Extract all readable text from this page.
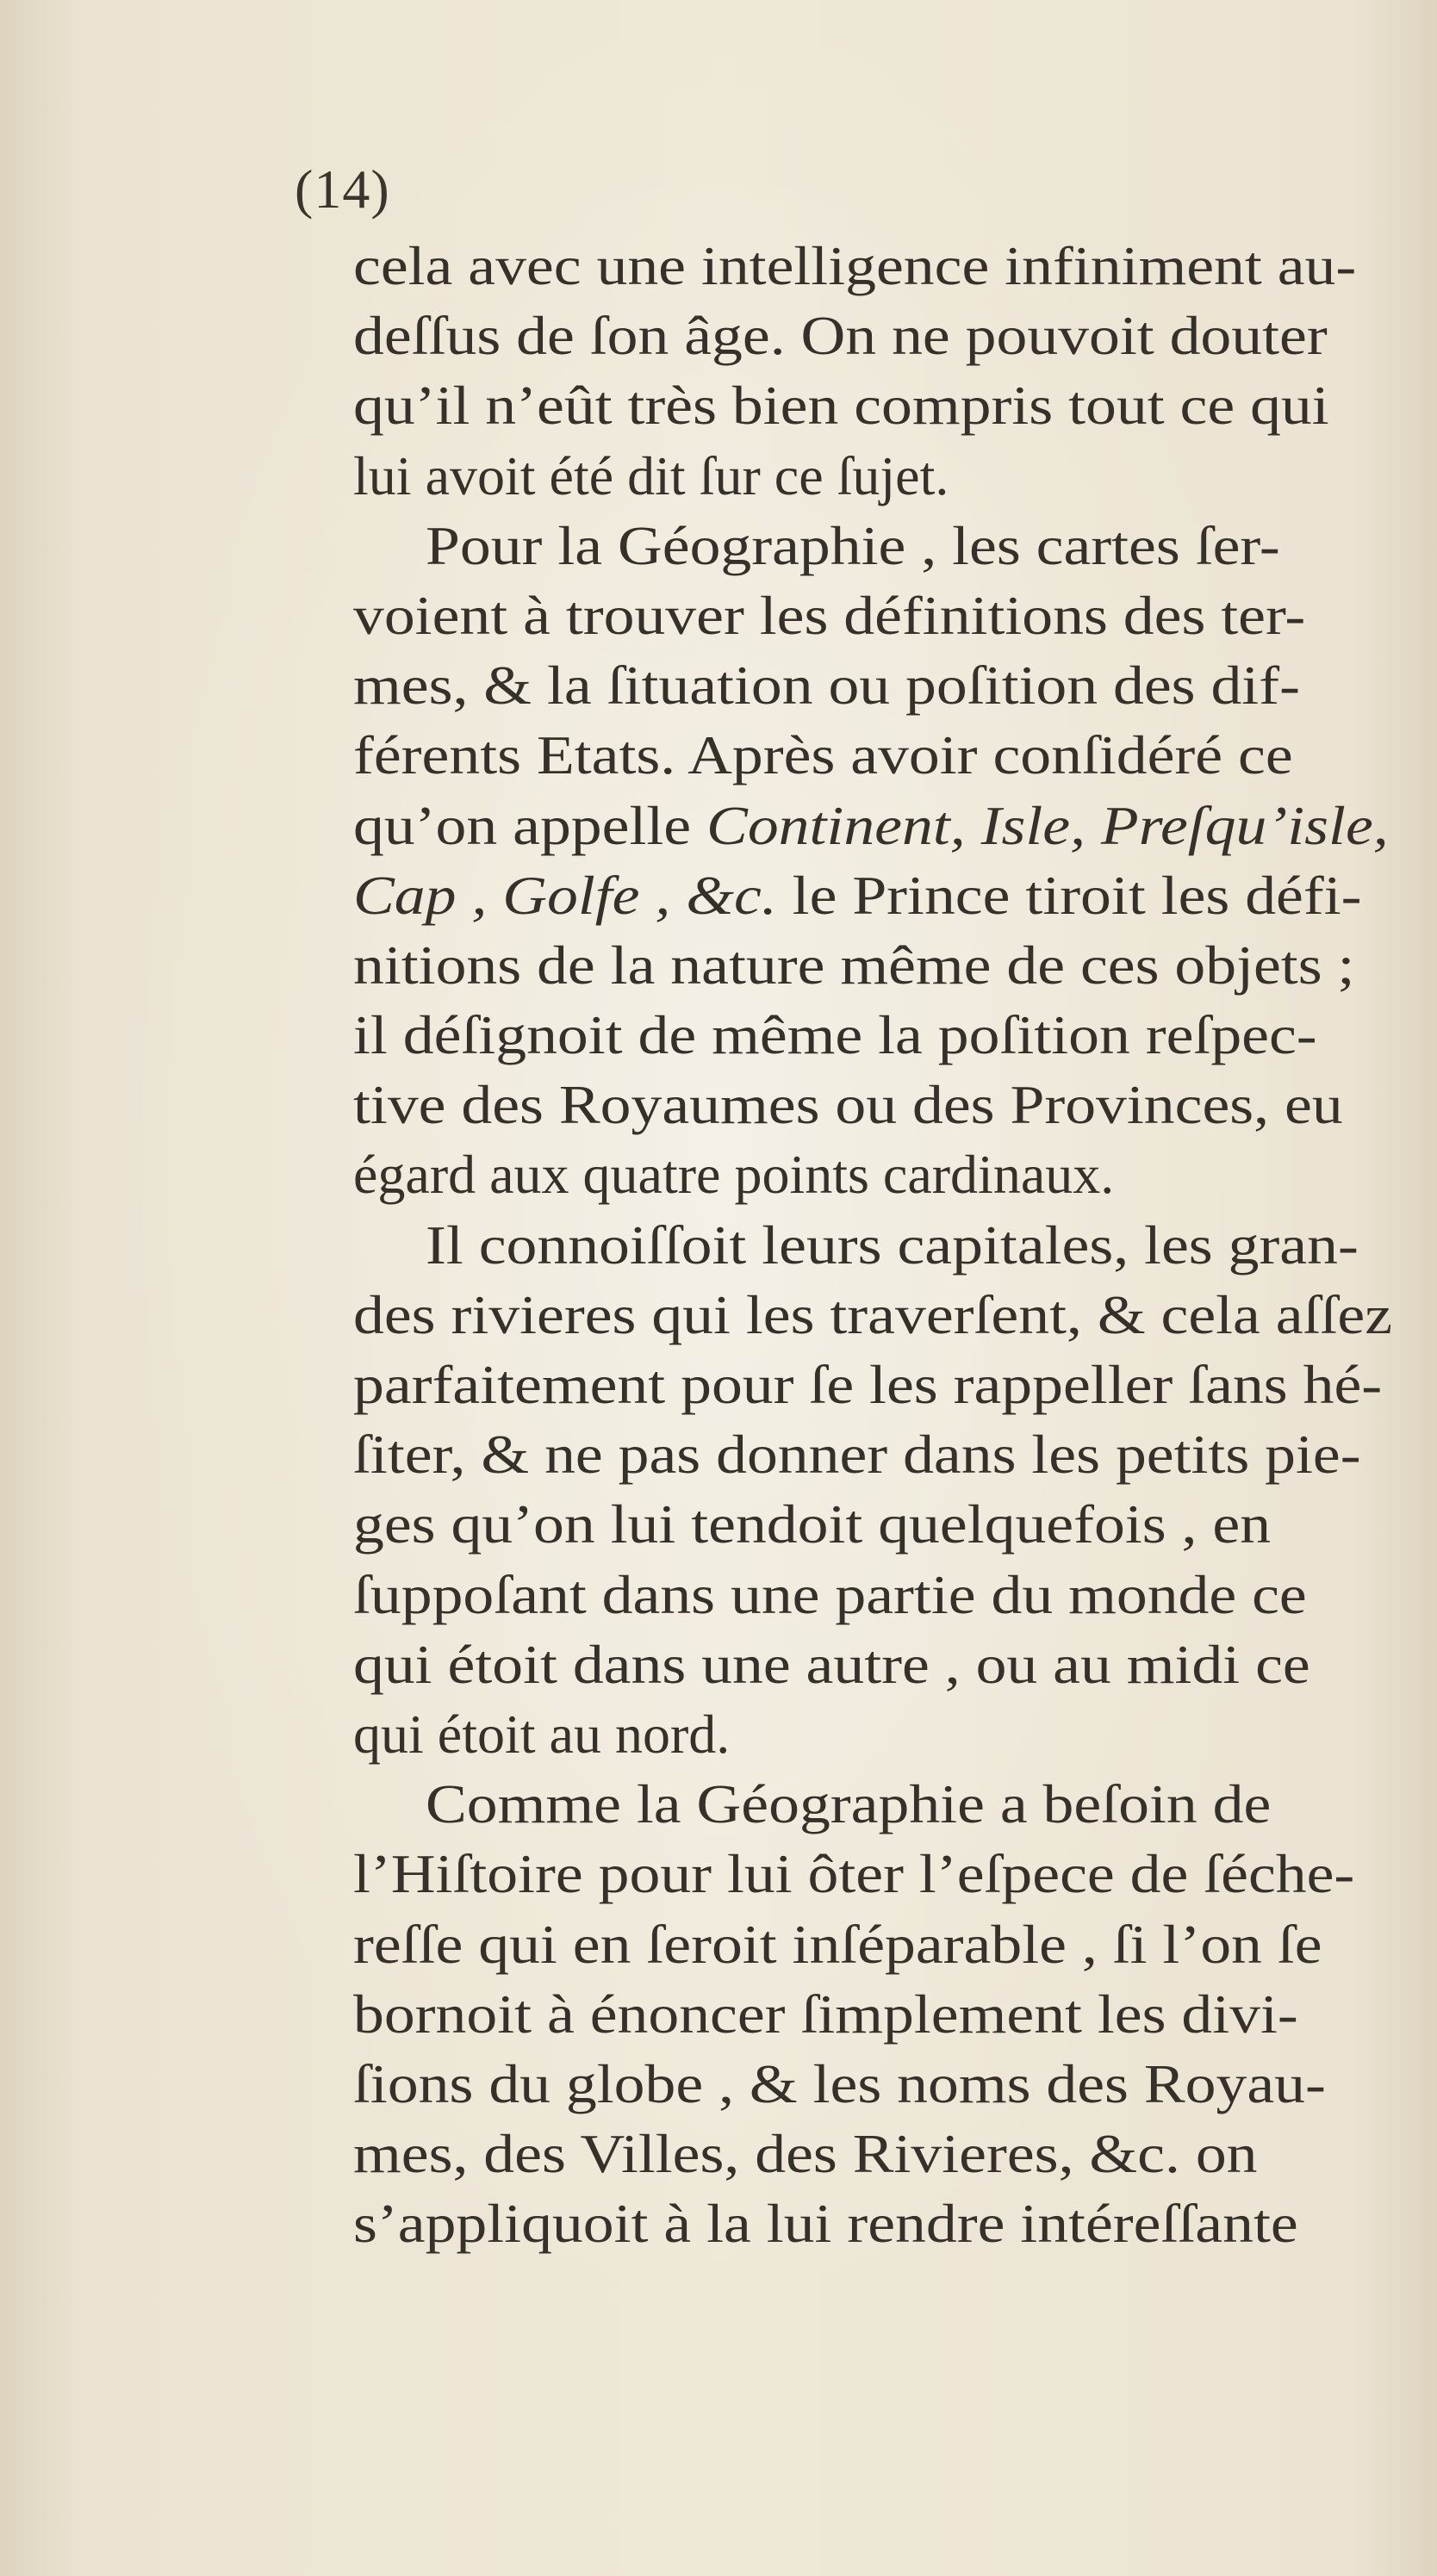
(14)
cela avec une intelligence infiniment au-
deſſus de ſon âge. On ne pouvoit douter
qu’il n’eût très bien compris tout ce qui
lui avoit été dit ſur ce ſujet.
Pour la Géographie , les cartes ſer-
voient à trouver les définitions des ter-
mes, & la ſituation ou poſition des dif-
férents Etats. Après avoir conſidéré ce
qu’on appelle Continent, Isle, Preſqu’isle,
Cap , Golfe , &c. le Prince tiroit les défi-
nitions de la nature même de ces objets ;
il déſignoit de même la poſition reſpec-
tive des Royaumes ou des Provinces, eu
égard aux quatre points cardinaux.
Il connoiſſoit leurs capitales, les gran-
des rivieres qui les traverſent, & cela aſſez
parfaitement pour ſe les rappeller ſans hé-
ſiter, & ne pas donner dans les petits pie-
ges qu’on lui tendoit quelquefois , en
ſuppoſant dans une partie du monde ce
qui étoit dans une autre , ou au midi ce
qui étoit au nord.
Comme la Géographie a beſoin de
l’Hiſtoire pour lui ôter l’eſpece de ſéche-
reſſe qui en ſeroit inſéparable , ſi l’on ſe
bornoit à énoncer ſimplement les divi-
ſions du globe , & les noms des Royau-
mes, des Villes, des Rivieres, &c. on
s’appliquoit à la lui rendre intéreſſante
